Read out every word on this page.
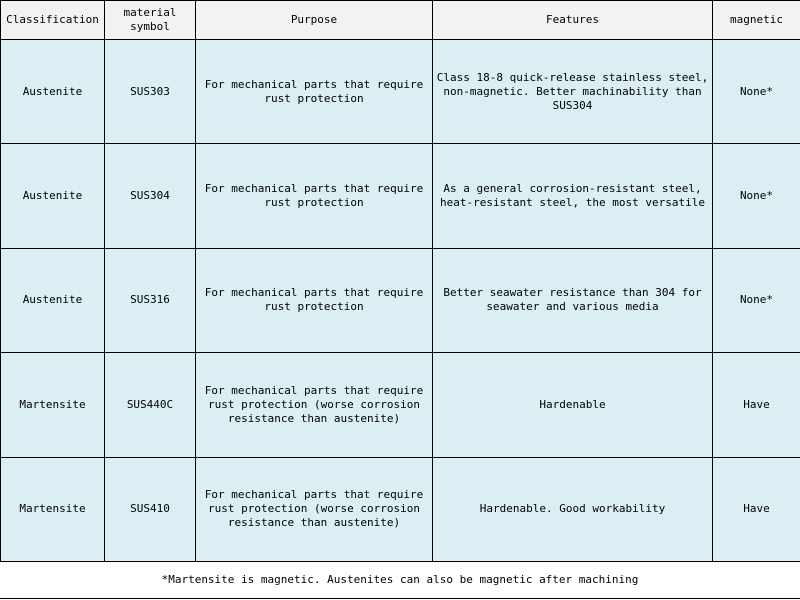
Classification	material symbol	Purpose	Features	magnetic
Austenite	SUS303	For mechanical parts that require rust protection	Class 18-8 quick-release stainless steel, non-magnetic. Better machinability than SUS304	None*
Austenite	SUS304	For mechanical parts that require rust protection	As a general corrosion-resistant steel, heat-resistant steel, the most versatile	None*
Austenite	SUS316	For mechanical parts that require rust protection	Better seawater resistance than 304 for seawater and various media	None*
Martensite	SUS440C	For mechanical parts that require rust protection (worse corrosion resistance than austenite)	Hardenable	Have
Martensite	SUS410	For mechanical parts that require rust protection (worse corrosion resistance than austenite)	Hardenable. Good workability	Have
*Martensite is magnetic. Austenites can also be magnetic after machining
